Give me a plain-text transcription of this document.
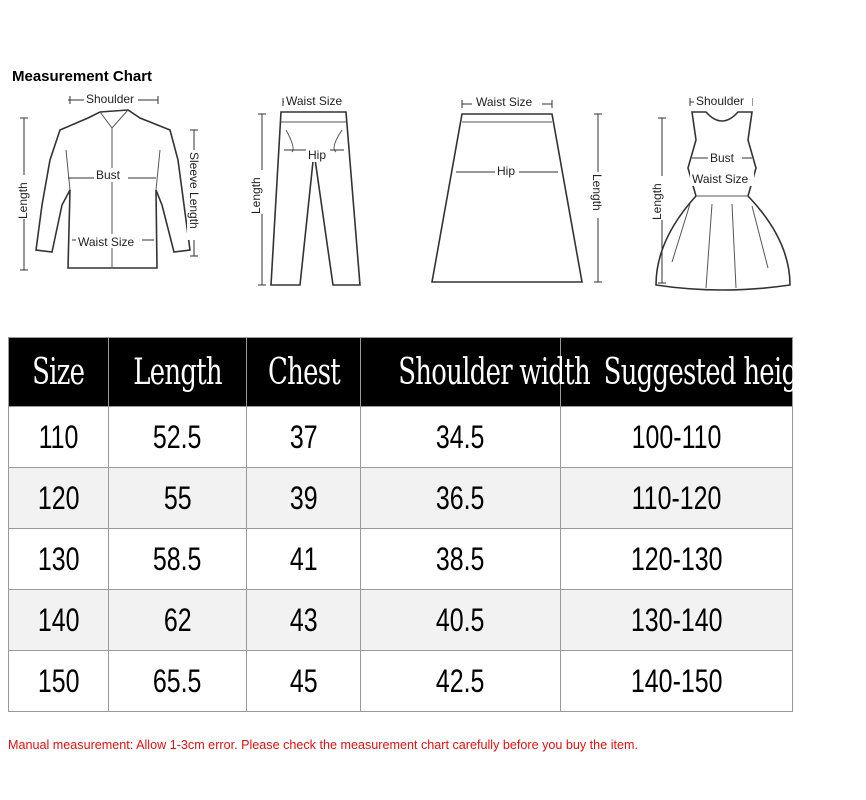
Measurement Chart
Shoulder
Bust
Waist Size
Length	Sleeve Length
Waist Size
Hip
Length
Waist Size
Hip
Length
Shoulder
Bust
Waist Size
Length
Size	Length	Chest	Shoulder width	Suggested heigth
110	52.5	37	34.5	100-110
120	55	39	36.5	110-120
130	58.5	41	38.5	120-130
140	62	43	40.5	130-140
150	65.5	45	42.5	140-150
Manual measurement: Allow 1-3cm error. Please check the measurement chart carefully before you buy the item.
